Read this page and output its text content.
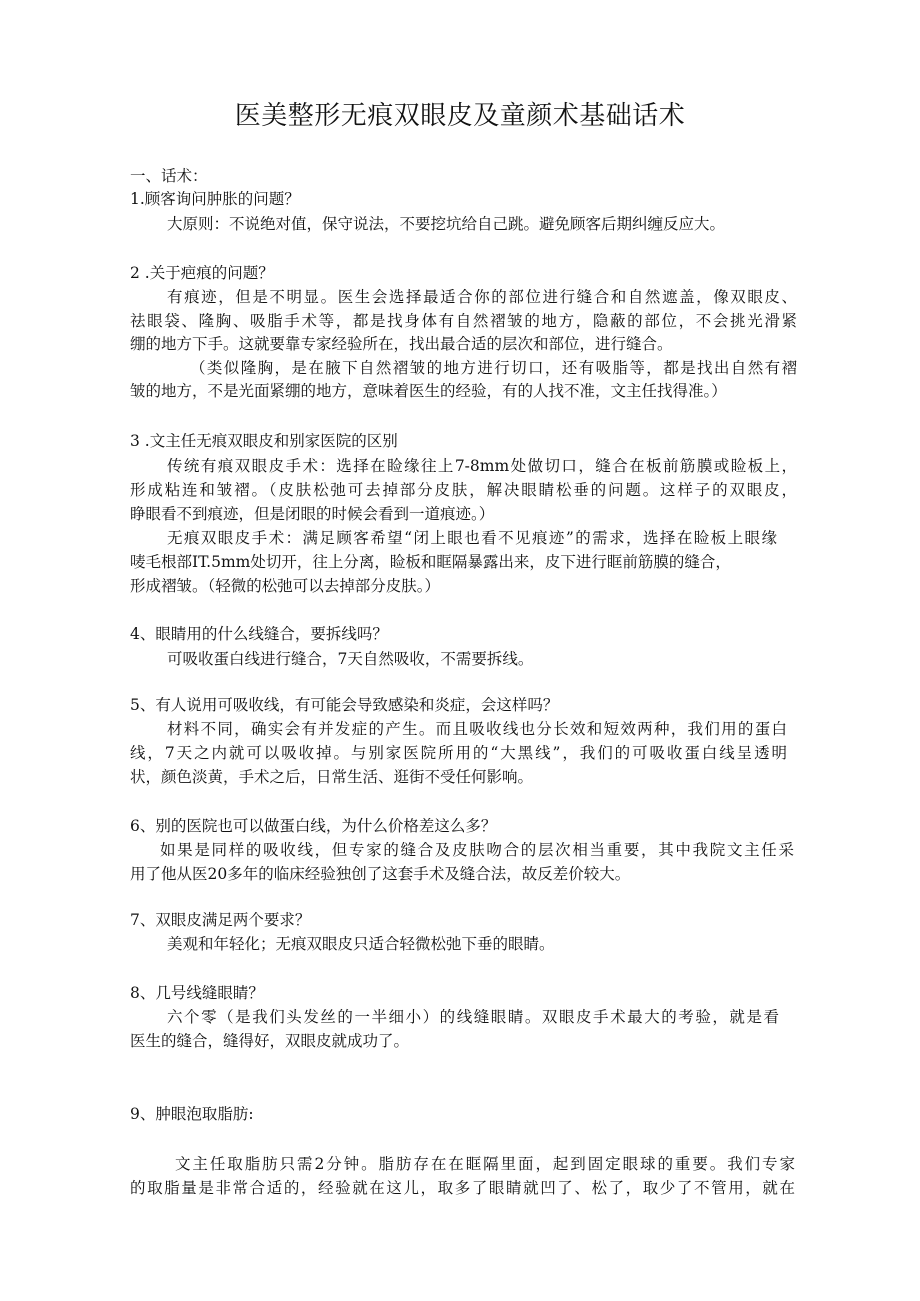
医美整形无痕双眼皮及童颜术基础话术
一、话术：
1.顾客询问肿胀的问题？
大原则：不说绝对值，保守说法，不要挖坑给自己跳。避免顾客后期纠缠反应大。
2 .关于疤痕的问题？
有痕迹，但是不明显。医生会选择最适合你的部位进行缝合和自然遮盖，像双眼皮、
祛眼袋、隆胸、吸脂手术等，都是找身体有自然褶皱的地方，隐蔽的部位，不会挑光滑紧
绷的地方下手。这就要靠专家经验所在，找出最合适的层次和部位，进行缝合。
（类似隆胸，是在腋下自然褶皱的地方进行切口，还有吸脂等，都是找出自然有褶
皱的地方，不是光面紧绷的地方，意味着医生的经验，有的人找不准，文主任找得准。）
3 .文主任无痕双眼皮和别家医院的区别
传统有痕双眼皮手术：选择在睑缘往上7-8mm处做切口，缝合在板前筋膜或睑板上，
形成粘连和皱褶。（皮肤松弛可去掉部分皮肤，解决眼睛松垂的问题。这样子的双眼皮，
睁眼看不到痕迹，但是闭眼的时候会看到一道痕迹。）
无痕双眼皮手术：满足顾客希望“闭上眼也看不见痕迹”的需求，选择在睑板上眼缘
唛毛根部IT.5mm处切开，往上分离，睑板和眶隔暴露出来，皮下进行眶前筋膜的缝合，
形成褶皱。（轻微的松弛可以去掉部分皮肤。）
4、眼睛用的什么线缝合，要拆线吗？
可吸收蛋白线进行缝合，7天自然吸收，不需要拆线。
5、有人说用可吸收线，有可能会导致感染和炎症，会这样吗？
材料不同，确实会有并发症的产生。而且吸收线也分长效和短效两种，我们用的蛋白
线，7天之内就可以吸收掉。与别家医院所用的“大黑线”，我们的可吸收蛋白线呈透明
状，颜色淡黄，手术之后，日常生活、逛街不受任何影响。
6、别的医院也可以做蛋白线，为什么价格差这么多？
如果是同样的吸收线，但专家的缝合及皮肤吻合的层次相当重要，其中我院文主任采
用了他从医20多年的临床经验独创了这套手术及缝合法，故反差价较大。
7、双眼皮满足两个要求？
美观和年轻化；无痕双眼皮只适合轻微松弛下垂的眼睛。
8、几号线缝眼睛？
六个零（是我们头发丝的一半细小）的线缝眼睛。双眼皮手术最大的考验，就是看
医生的缝合，缝得好，双眼皮就成功了。
9、肿眼泡取脂肪:
文主任取脂肪只需2分钟。脂肪存在在眶隔里面，起到固定眼球的重要。我们专家
的取脂量是非常合适的，经验就在这儿，取多了眼睛就凹了、松了，取少了不管用，就在
